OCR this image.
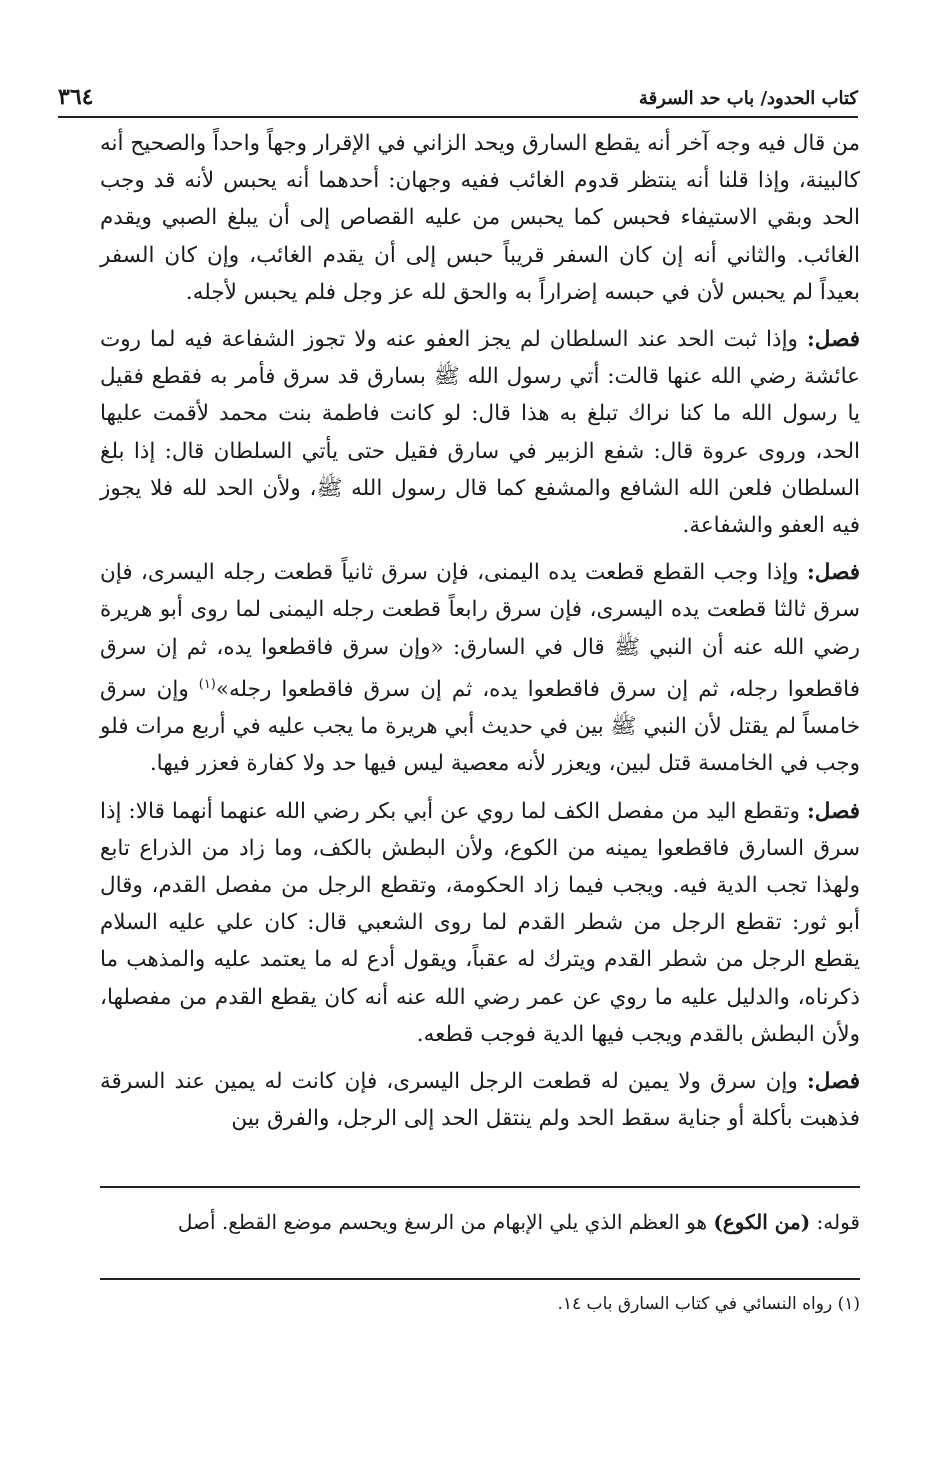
كتاب الحدود/ باب حد السرقة
٣٦٤

من قال فيه وجه آخر أنه يقطع السارق ويحد الزاني في الإقرار وجهاً واحداً والصحيح أنه كالبينة، وإذا قلنا أنه ينتظر قدوم الغائب ففيه وجهان: أحدهما أنه يحبس لأنه قد وجب الحد وبقي الاستيفاء فحبس كما يحبس من عليه القصاص إلى أن يبلغ الصبي ويقدم الغائب. والثاني أنه إن كان السفر قريباً حبس إلى أن يقدم الغائب، وإن كان السفر بعيداً لم يحبس لأن في حبسه إضراراً به والحق لله عز وجل فلم يحبس لأجله.

فصل: وإذا ثبت الحد عند السلطان لم يجز العفو عنه ولا تجوز الشفاعة فيه لما روت عائشة رضي الله عنها قالت: أتي رسول الله ﷺ بسارق قد سرق فأمر به فقطع فقيل يا رسول الله ما كنا نراك تبلغ به هذا قال: لو كانت فاطمة بنت محمد لأقمت عليها الحد، وروى عروة قال: شفع الزبير في سارق فقيل حتى يأتي السلطان قال: إذا بلغ السلطان فلعن الله الشافع والمشفع كما قال رسول الله ﷺ، ولأن الحد لله فلا يجوز فيه العفو والشفاعة.

فصل: وإذا وجب القطع قطعت يده اليمنى، فإن سرق ثانياً قطعت رجله اليسرى، فإن سرق ثالثا قطعت يده اليسرى، فإن سرق رابعاً قطعت رجله اليمنى لما روى أبو هريرة رضي الله عنه أن النبي ﷺ قال في السارق: «وإن سرق فاقطعوا يده، ثم إن سرق فاقطعوا رجله، ثم إن سرق فاقطعوا يده، ثم إن سرق فاقطعوا رجله»$^{(١)}$ وإن سرق خامساً لم يقتل لأن النبي ﷺ بين في حديث أبي هريرة ما يجب عليه في أربع مرات فلو وجب في الخامسة قتل لبين، ويعزر لأنه معصية ليس فيها حد ولا كفارة فعزر فيها.

فصل: وتقطع اليد من مفصل الكف لما روي عن أبي بكر رضي الله عنهما أنهما قالا: إذا سرق السارق فاقطعوا يمينه من الكوع، ولأن البطش بالكف، وما زاد من الذراع تابع ولهذا تجب الدية فيه. ويجب فيما زاد الحكومة، وتقطع الرجل من مفصل القدم، وقال أبو ثور: تقطع الرجل من شطر القدم لما روى الشعبي قال: كان علي عليه السلام يقطع الرجل من شطر القدم ويترك له عقباً، ويقول أدع له ما يعتمد عليه والمذهب ما ذكرناه، والدليل عليه ما روي عن عمر رضي الله عنه أنه كان يقطع القدم من مفصلها، ولأن البطش بالقدم ويجب فيها الدية فوجب قطعه.

فصل: وإن سرق ولا يمين له قطعت الرجل اليسرى، فإن كانت له يمين عند السرقة فذهبت بأكلة أو جناية سقط الحد ولم ينتقل الحد إلى الرجل، والفرق بين

قوله: (من الكوع) هو العظم الذي يلي الإبهام من الرسغ ويحسم موضع القطع. أصل
(١) رواه النسائي في كتاب السارق باب ١٤.
